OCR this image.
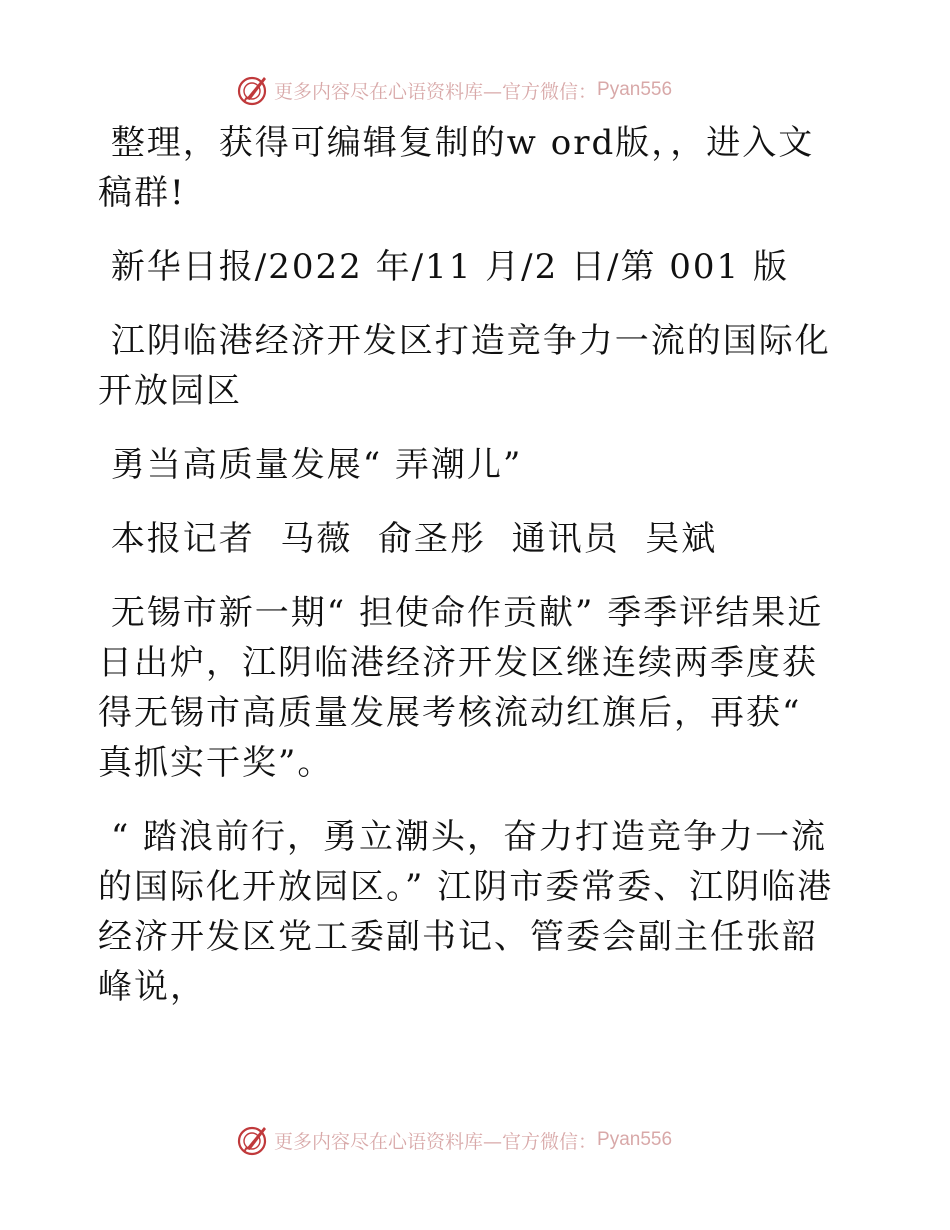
更多内容尽在心语资料库—官方微信： Pyan556

整理，获得可编辑复制的w ord版，，进入文稿群!

新华日报/2022 年/11 月/2 日/第 001 版

江阴临港经济开发区打造竞争力一流的国际化开放园区

勇当高质量发展“ 弄潮儿”

本报记者  马薇  俞圣彤  通讯员  吴斌

无锡市新一期“ 担使命作贡献” 季季评结果近日出炉，江阴临港经济开发区继连续两季度获得无锡市高质量发展考核流动红旗后，再获“ 真抓实干奖”。

“ 踏浪前行，勇立潮头，奋力打造竞争力一流的国际化开放园区。” 江阴市委常委、江阴临港经济开发区党工委副书记、管委会副主任张韶峰说，

更多内容尽在心语资料库—官方微信： Pyan556
